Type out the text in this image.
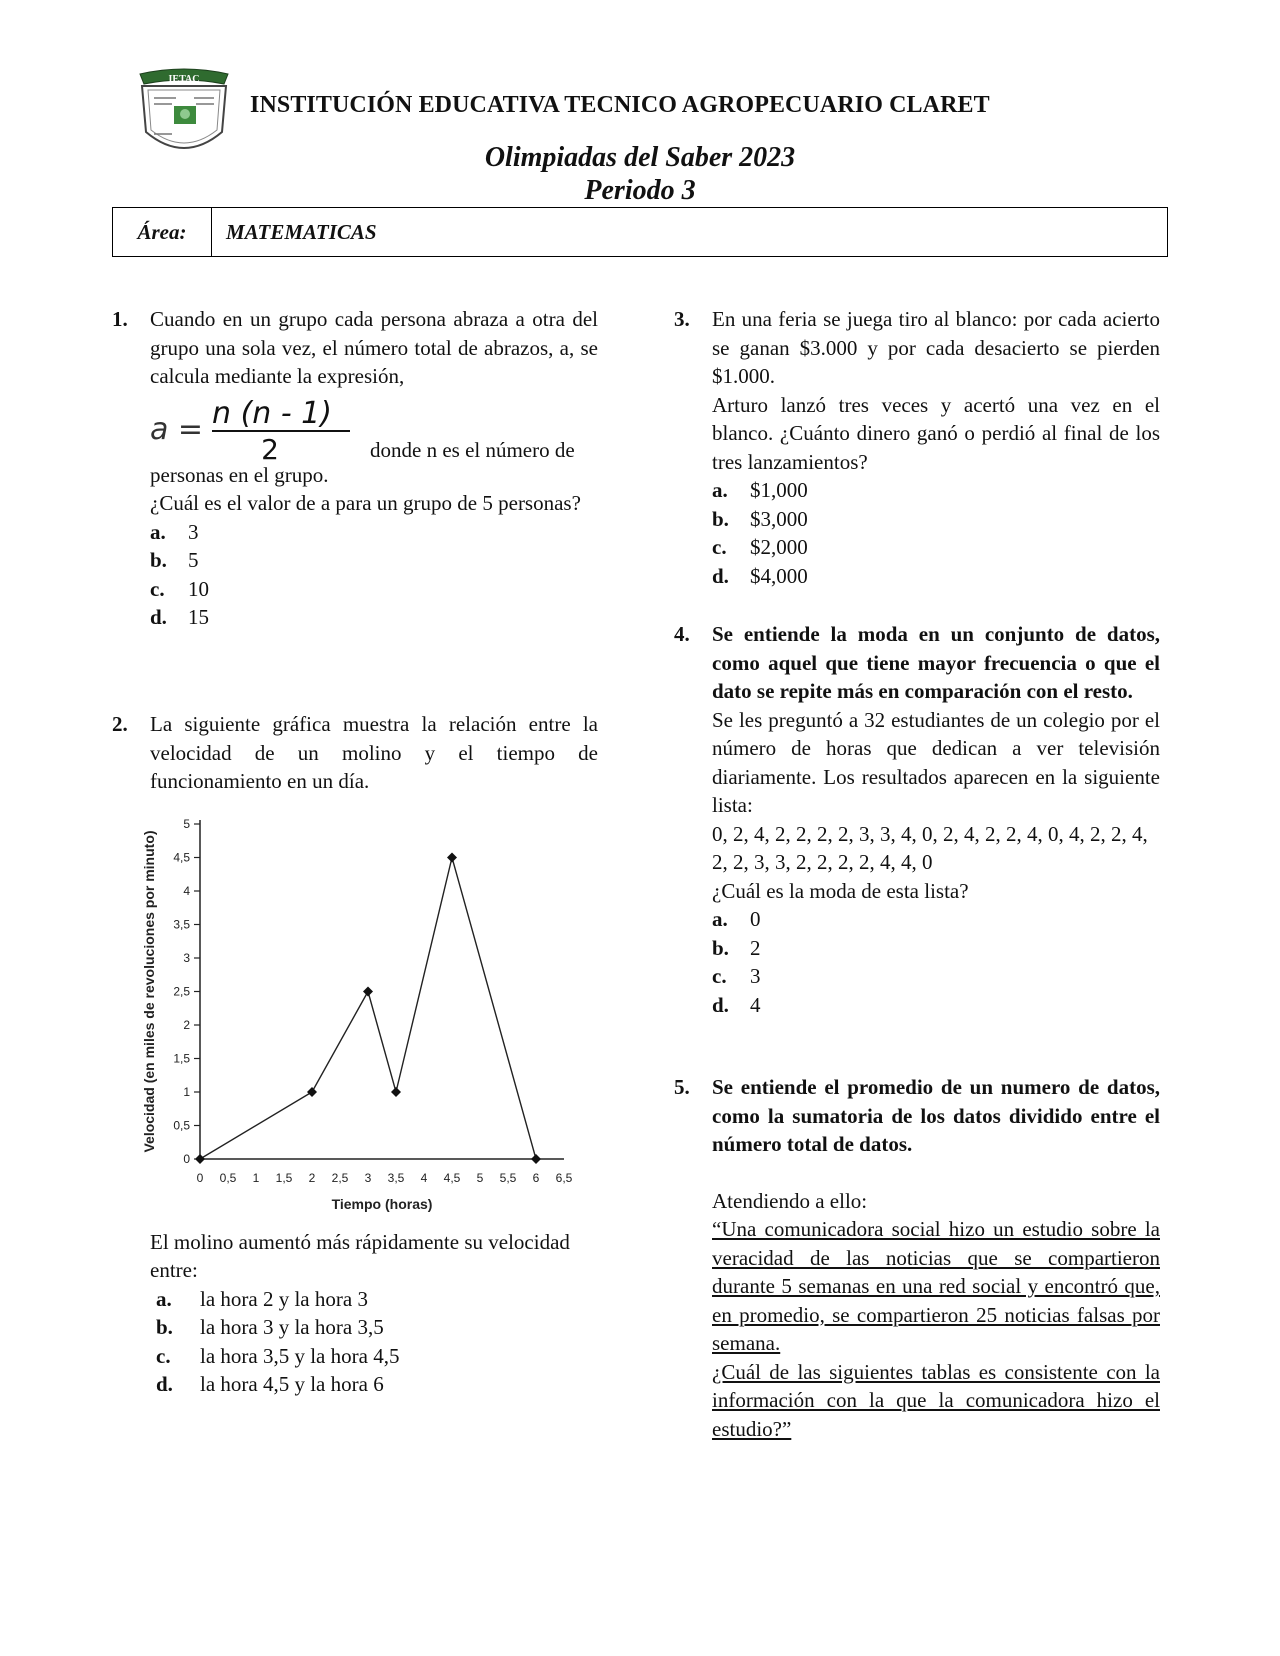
IETAC
INSTITUCIÓN EDUCATIVA TECNICO AGROPECUARIO CLARET
Olimpiadas del Saber 2023
Periodo 3
Área:	MATEMATICAS
1. Cuando en un grupo cada persona abraza a otra del grupo una sola vez, el número total de abrazos, a, se calcula mediante la expresión,

a = n (n - 1)
2	donde n es el número de

personas en el grupo.

¿Cuál es el valor de a para un grupo de 5 personas?

a.	3
b.	5
c.	10
d.	15
2. La siguiente gráfica muestra la relación entre la velocidad de un molino y el tiempo de funcionamiento en un día.

0
0,5
1
1,5
2
2,5
3
3,5
4
4,5
5
0 0,5 1 1,5 2 2,5 3 3,5 4 4,5 5 5,5 6 6,5
Tiempo (horas)
Velocidad (en miles de revoluciones por minuto)

El molino aumentó más rápidamente su velocidad entre:

a.	la hora 2 y la hora 3
b.	la hora 3 y la hora 3,5
c.	la hora 3,5 y la hora 4,5
d.	la hora 4,5 y la hora 6
3. En una feria se juega tiro al blanco: por cada acierto se ganan $3.000 y por cada desacierto se pierden $1.000.

Arturo lanzó tres veces y acertó una vez en el blanco. ¿Cuánto dinero ganó o perdió al final de los tres lanzamientos?

a.	$1,000
b.	$3,000
c.	$2,000
d.	$4,000
4. Se entiende la moda en un conjunto de datos, como aquel que tiene mayor frecuencia o que el dato se repite más en comparación con el resto.

Se les preguntó a 32 estudiantes de un colegio por el número de horas que dedican a ver televisión diariamente. Los resultados aparecen en la siguiente lista:

0, 2, 4, 2, 2, 2, 2, 3, 3, 4, 0, 2, 4, 2, 2, 4, 0, 4, 2, 2, 4, 2, 2, 3, 3, 2, 2, 2, 2, 4, 4, 0

¿Cuál es la moda de esta lista?

a.	0
b.	2
c.	3
d.	4
5. Se entiende el promedio de un numero de datos, como la sumatoria de los datos dividido entre el número total de datos.

Atendiendo a ello:

“Una comunicadora social hizo un estudio sobre la veracidad de las noticias que se compartieron durante 5 semanas en una red social y encontró que, en promedio, se compartieron 25 noticias falsas por semana.

¿Cuál de las siguientes tablas es consistente con la información con la que la comunicadora hizo el estudio?”
